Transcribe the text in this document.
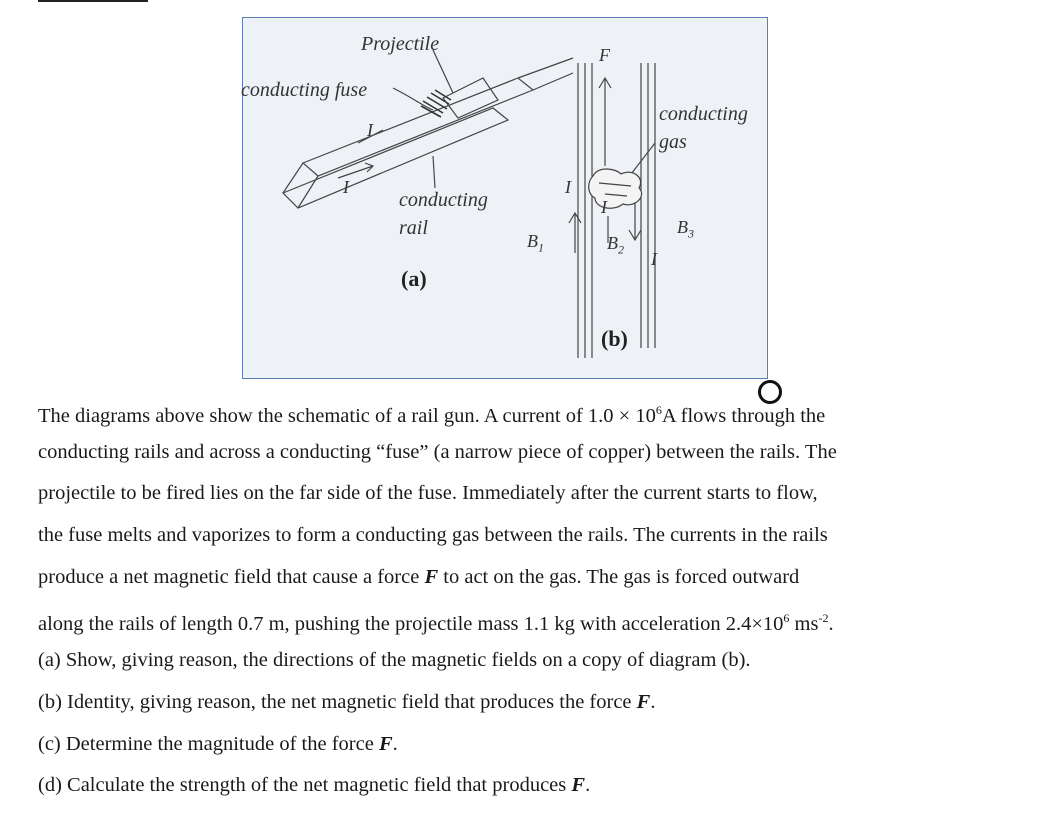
Projectile
conducting fuse
I
I
conducting
rail
(a)
F
conducting
gas
I
I
I
$B_1$	$B_2$
$B_3$
(b)
The diagrams above show the schematic of a rail gun. A current of $1.0 \times 10^6A$ flows through the
conducting rails and across a conducting “fuse” (a narrow piece of copper) between the rails. The
projectile to be fired lies on the far side of the fuse. Immediately after the current starts to flow,
the fuse melts and vaporizes to form a conducting gas between the rails. The currents in the rails
produce a net magnetic field that cause a force F to act on the gas. The gas is forced outward
along the rails of length 0.7 m, pushing the projectile mass 1.1 kg with acceleration $2.4\times 10^6$ $ms^{-2}$.
(a) Show, giving reason, the directions of the magnetic fields on a copy of diagram (b).
(b) Identity, giving reason, the net magnetic field that produces the force F.
(c) Determine the magnitude of the force F.
(d) Calculate the strength of the net magnetic field that produces F.
